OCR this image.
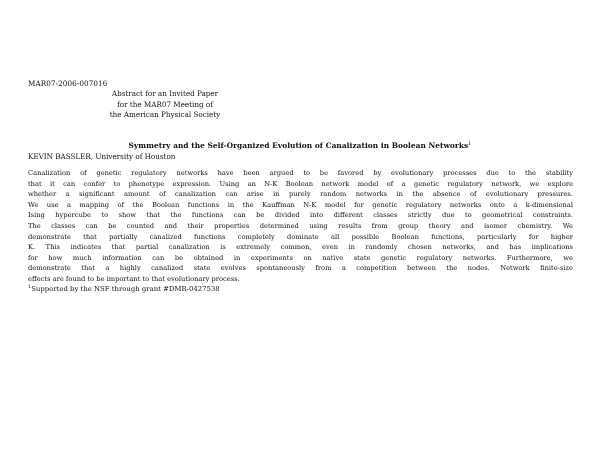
MAR07-2006-007016
Abstract for an Invited Paper
for the MAR07 Meeting of
the American Physical Society
Symmetry and the Self-Organized Evolution of Canalization in Boolean Networks$^1$
KEVIN BASSLER, University of Houston
Canalization of genetic regulatory networks have been argued to be favored by evolutionary processes due to the stability
that it can confer to phenotype expression. Using an N-K Boolean network model of a genetic regulatory network, we explore
whether a significant amount of canalization can arise in purely random networks in the absence of evolutionary pressures.
We use a mapping of the Boolean functions in the Kauffman N-K model for genetic regulatory networks onto a k-dimensional
Ising hypercube to show that the functions can be divided into different classes strictly due to geometrical constraints.
The classes can be counted and their properties determined using results from group theory and isomer chemistry. We
demonstrate that partially canalized functions completely dominate all possible Boolean functions, particularly for higher
K. This indicates that partial canalization is extremely common, even in randomly chosen networks, and has implications
for how much information can be obtained in experiments on native state genetic regulatory networks. Furthermore, we
demonstrate that a highly canalized state evolves spontaneously from a competition between the nodes. Network finite-size
effects are found to be important to that evolutionary process.
$^1$Supported by the NSF through grant #DMR-0427538
